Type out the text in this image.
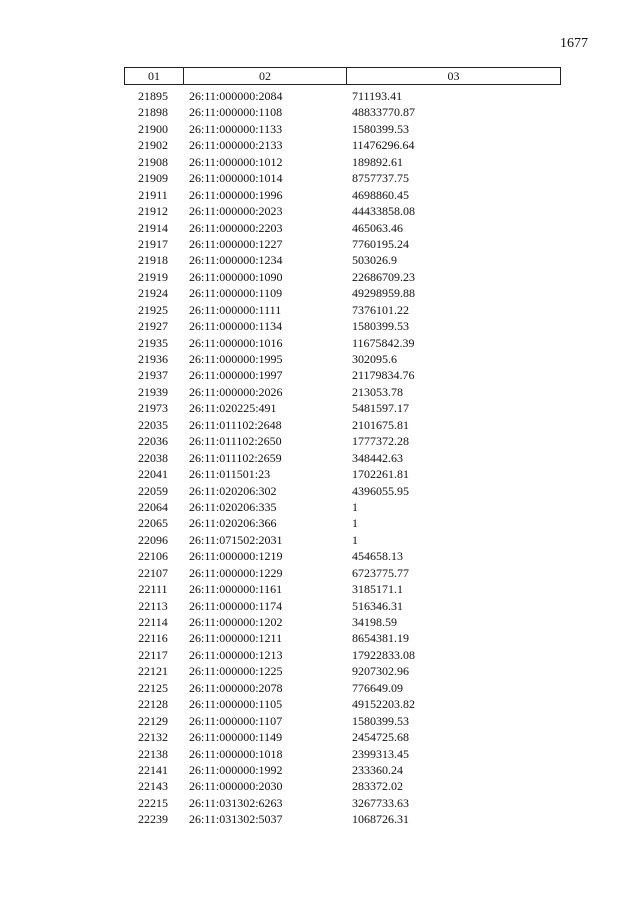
1677
01	02	03
21895	26:11:000000:2084	711193.41
21898	26:11:000000:1108	48833770.87
21900	26:11:000000:1133	1580399.53
21902	26:11:000000:2133	11476296.64
21908	26:11:000000:1012	189892.61
21909	26:11:000000:1014	8757737.75
21911	26:11:000000:1996	4698860.45
21912	26:11:000000:2023	44433858.08
21914	26:11:000000:2203	465063.46
21917	26:11:000000:1227	7760195.24
21918	26:11:000000:1234	503026.9
21919	26:11:000000:1090	22686709.23
21924	26:11:000000:1109	49298959.88
21925	26:11:000000:1111	7376101.22
21927	26:11:000000:1134	1580399.53
21935	26:11:000000:1016	11675842.39
21936	26:11:000000:1995	302095.6
21937	26:11:000000:1997	21179834.76
21939	26:11:000000:2026	213053.78
21973	26:11:020225:491	5481597.17
22035	26:11:011102:2648	2101675.81
22036	26:11:011102:2650	1777372.28
22038	26:11:011102:2659	348442.63
22041	26:11:011501:23	1702261.81
22059	26:11:020206:302	4396055.95
22064	26:11:020206:335	1
22065	26:11:020206:366	1
22096	26:11:071502:2031	1
22106	26:11:000000:1219	454658.13
22107	26:11:000000:1229	6723775.77
22111	26:11:000000:1161	3185171.1
22113	26:11:000000:1174	516346.31
22114	26:11:000000:1202	34198.59
22116	26:11:000000:1211	8654381.19
22117	26:11:000000:1213	17922833.08
22121	26:11:000000:1225	9207302.96
22125	26:11:000000:2078	776649.09
22128	26:11:000000:1105	49152203.82
22129	26:11:000000:1107	1580399.53
22132	26:11:000000:1149	2454725.68
22138	26:11:000000:1018	2399313.45
22141	26:11:000000:1992	233360.24
22143	26:11:000000:2030	283372.02
22215	26:11:031302:6263	3267733.63
22239	26:11:031302:5037	1068726.31
